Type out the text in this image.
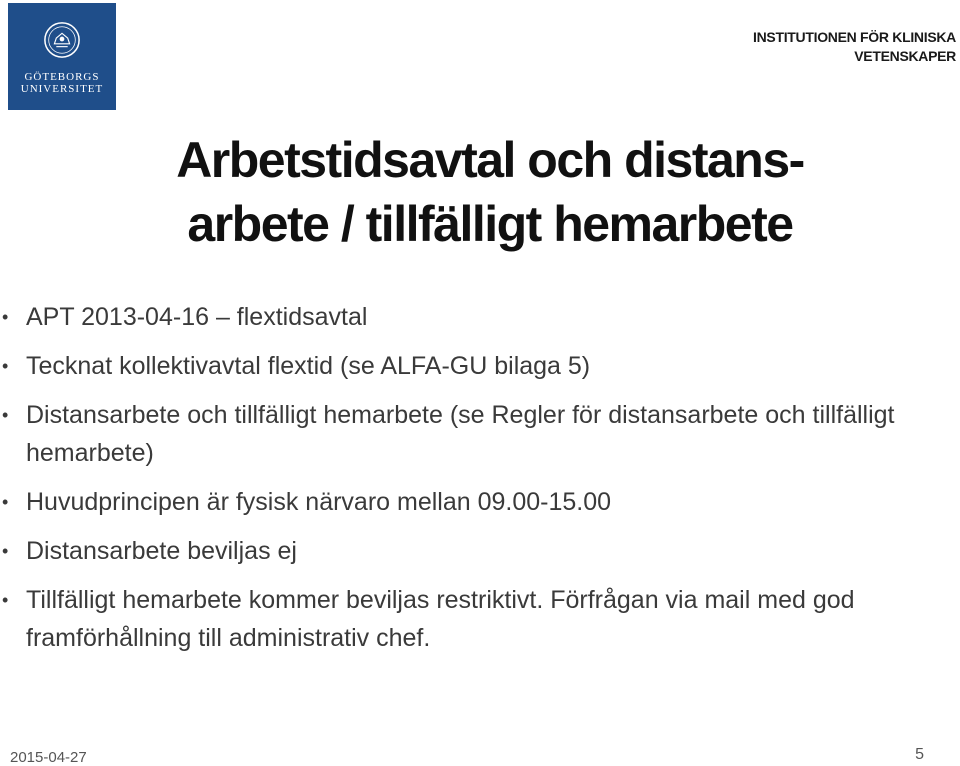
GÖTEBORGS
UNIVERSITET
INSTITUTIONEN FÖR KLINISKA
VETENSKAPER
Arbetstidsavtal och distans-
arbete / tillfälligt hemarbete
• APT 2013-04-16 – flextidsavtal
• Tecknat kollektivavtal flextid (se ALFA-GU bilaga 5)
• Distansarbete och tillfälligt hemarbete (se Regler för distansarbete och tillfälligt hemarbete)
• Huvudprincipen är fysisk närvaro mellan 09.00-15.00
• Distansarbete beviljas ej
• Tillfälligt hemarbete kommer beviljas restriktivt. Förfrågan via mail med god framförhållning till administrativ chef.
2015-04-27	5
